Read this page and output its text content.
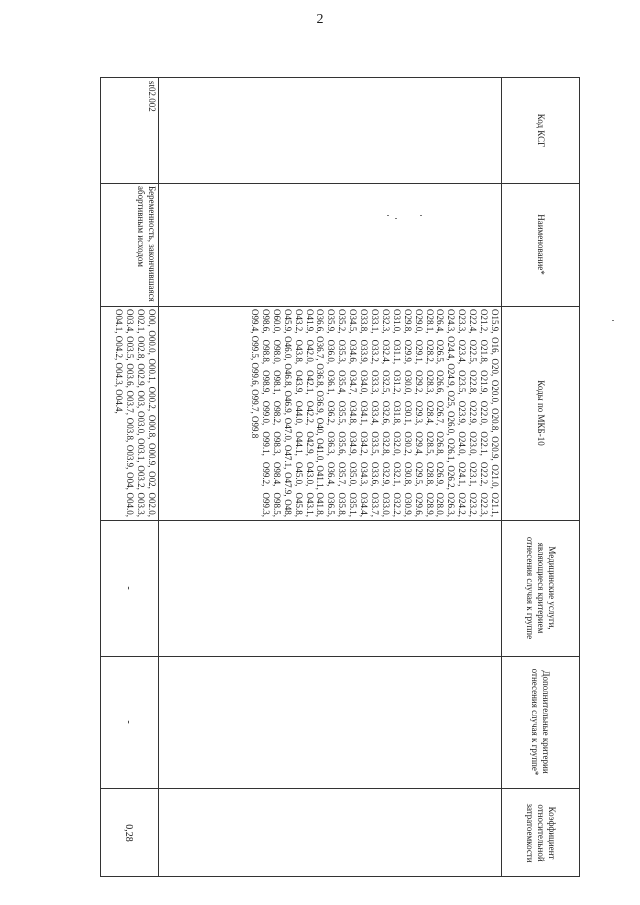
2
Код КСГ
Наименование*
Коды по МКБ-10
Медицинские услуги, являющиеся критерием отнесения случая к группе
Дополнительные критерии отнесения случая к группе*
Коэффициент относительной затратоемкости
О15.9, О16, О20, О20.0, О20.8, О20.9, О21.0, О21.1, О21.2, О21.8, О21.9, О22.0, О22.1, О22.2, О22.3, О22.4, О22.5, О22.8, О22.9, О23.0, О23.1, О23.2, О23.3, О23.4, О23.5, О23.9, О24.0, О24.1, О24.2, О24.3, О24.4, О24.9, О25, О26.0, О26.1, О26.2, О26.3, О26.4, О26.5, О26.6, О26.7, О26.8, О26.9, О28.0, О28.1, О28.2, О28.3, О28.4, О28.5, О28.8, О28.9, О29.0, О29.1, О29.2, О29.3, О29.4, О29.5, О29.6, О29.8, О29.9, О30.0, О30.1, О30.2, О30.8, О30.9, О31.0, О31.1, О31.2, О31.8, О32.0, О32.1, О32.2, О32.3, О32.4, О32.5, О32.6, О32.8, О32.9, О33.0, О33.1, О33.2, О33.3, О33.4, О33.5, О33.6, О33.7, О33.8, О33.9, О34.0, О34.1, О34.2, О34.3, О34.4, О34.5, О34.6, О34.7, О34.8, О34.9, О35.0, О35.1, О35.2, О35.3, О35.4, О35.5, О35.6, О35.7, О35.8, О35.9, О36.0, О36.1, О36.2, О36.3, О36.4, О36.5, О36.6, О36.7, О36.8, О36.9, О40, О41.0, О41.1, О41.8, О41.9, О42.0, О42.1, О42.2, О42.9, О43.0, О43.1, О43.2, О43.8, О43.9, О44.0, О44.1, О45.0, О45.8, О45.9, О46.0, О46.8, О46.9, О47.0, О47.1, О47.9, О48, О60.0, О98.0, О98.1, О98.2, О98.3, О98.4, О98.5, О98.6, О98.8, О98.9, О99.0, О99.1, О99.2, О99.3, О99.4, О99.5, О99.6, О99.7, О99.8
st02.002
Беременность, закончившаяся абортивным исходом
О00, О00.0, О00.1, О00.2, О00.8, О00.9, О02, О02.0, О02.1, О02.8, О02.9, О03, О03.0, О03.1, О03.2, О03.3, О03.4, О03.5, О03.6, О03.7, О03.8, О03.9, О04, О04.0, О04.1, О04.2, О04.3, О04.4,
-
-
0,28
